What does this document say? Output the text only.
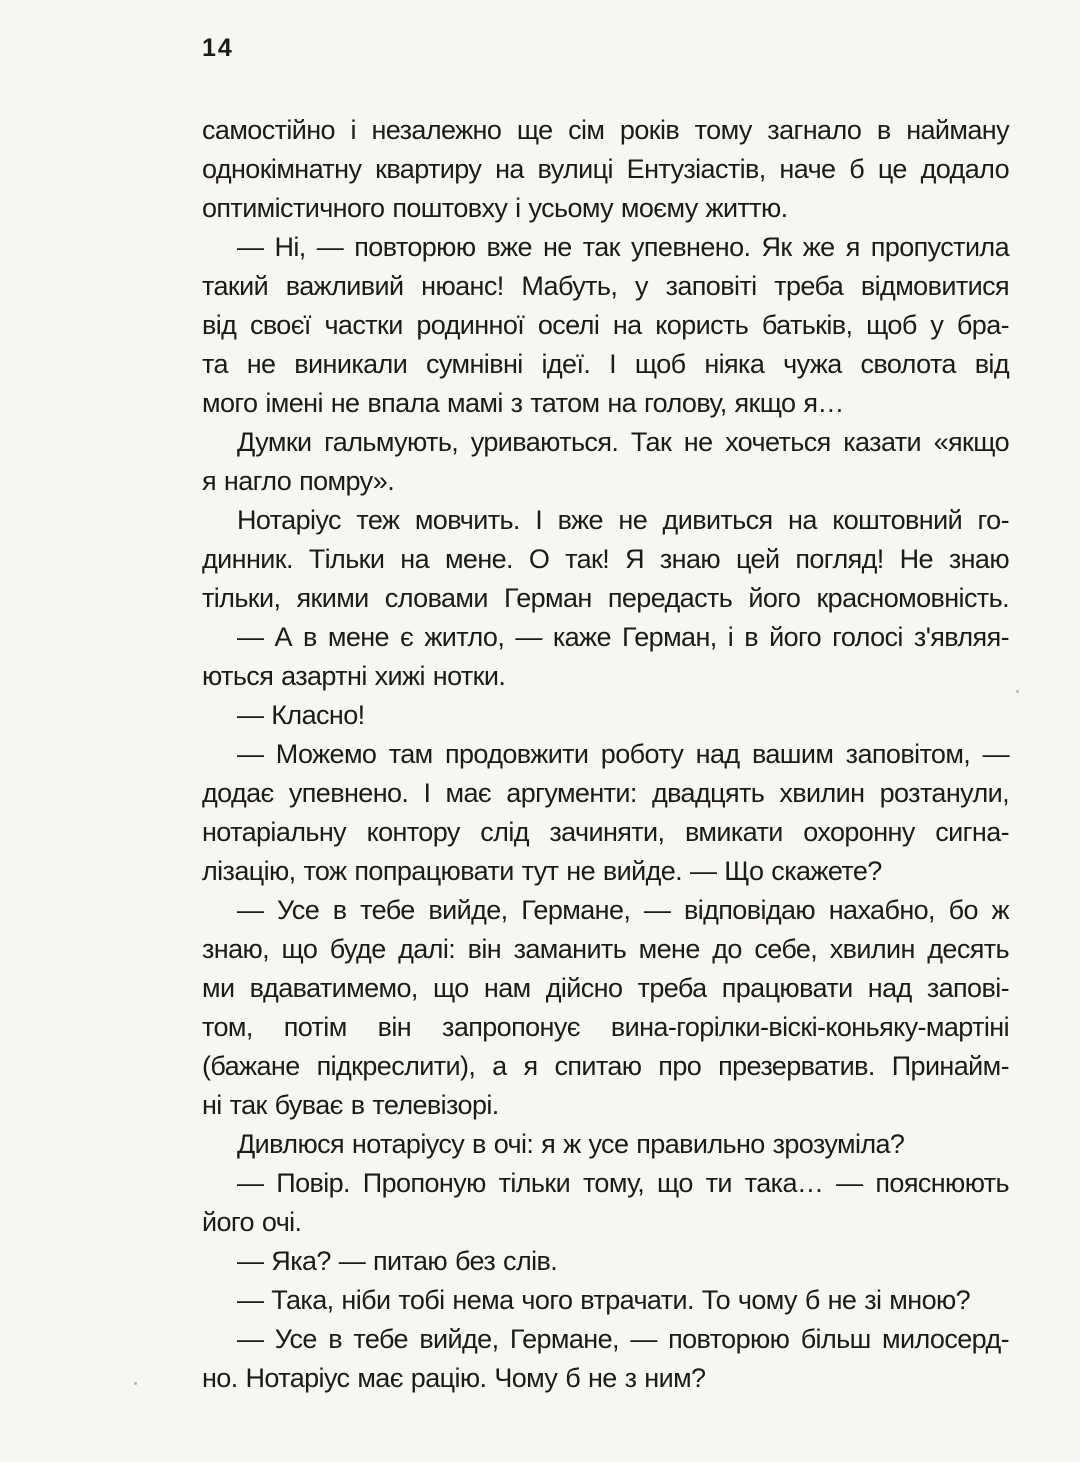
14
самостійно і незалежно ще сім років тому загнало в найману
однокімнатну квартиру на вулиці Ентузіастів, наче б це додало
оптимістичного поштовху і усьому моєму життю.
— Ні, — повторюю вже не так упевнено. Як же я пропустила
такий важливий нюанс! Мабуть, у заповіті треба відмовитися
від своєї частки родинної оселі на користь батьків, щоб у бра-
та не виникали сумнівні ідеї. І щоб ніяка чужа сволота від
мого імені не впала мамі з татом на голову, якщо я…
Думки гальмують, уриваються. Так не хочеться казати «якщо
я нагло помру».
Нотаріус теж мовчить. І вже не дивиться на коштовний го-
динник. Тільки на мене. О так! Я знаю цей погляд! Не знаю
тільки, якими словами Герман передасть його красномовність.
— А в мене є житло, — каже Герман, і в його голосі з'являя-
ються азартні хижі нотки.
— Класно!
— Можемо там продовжити роботу над вашим заповітом, —
додає упевнено. І має аргументи: двадцять хвилин розтанули,
нотаріальну контору слід зачиняти, вмикати охоронну сигна-
лізацію, тож попрацювати тут не вийде. — Що скажете?
— Усе в тебе вийде, Германе, — відповідаю нахабно, бо ж
знаю, що буде далі: він заманить мене до себе, хвилин десять
ми вдаватимемо, що нам дійсно треба працювати над запові-
том, потім він запропонує вина-горілки-віскі-коньяку-мартіні
(бажане підкреслити), а я спитаю про презерватив. Принайм-
ні так буває в телевізорі.
Дивлюся нотаріусу в очі: я ж усе правильно зрозуміла?
— Повір. Пропоную тільки тому, що ти така… — пояснюють
його очі.
— Яка? — питаю без слів.
— Така, ніби тобі нема чого втрачати. То чому б не зі мною?
— Усе в тебе вийде, Германе, — повторюю більш милосерд-
но. Нотаріус має рацію. Чому б не з ним?
